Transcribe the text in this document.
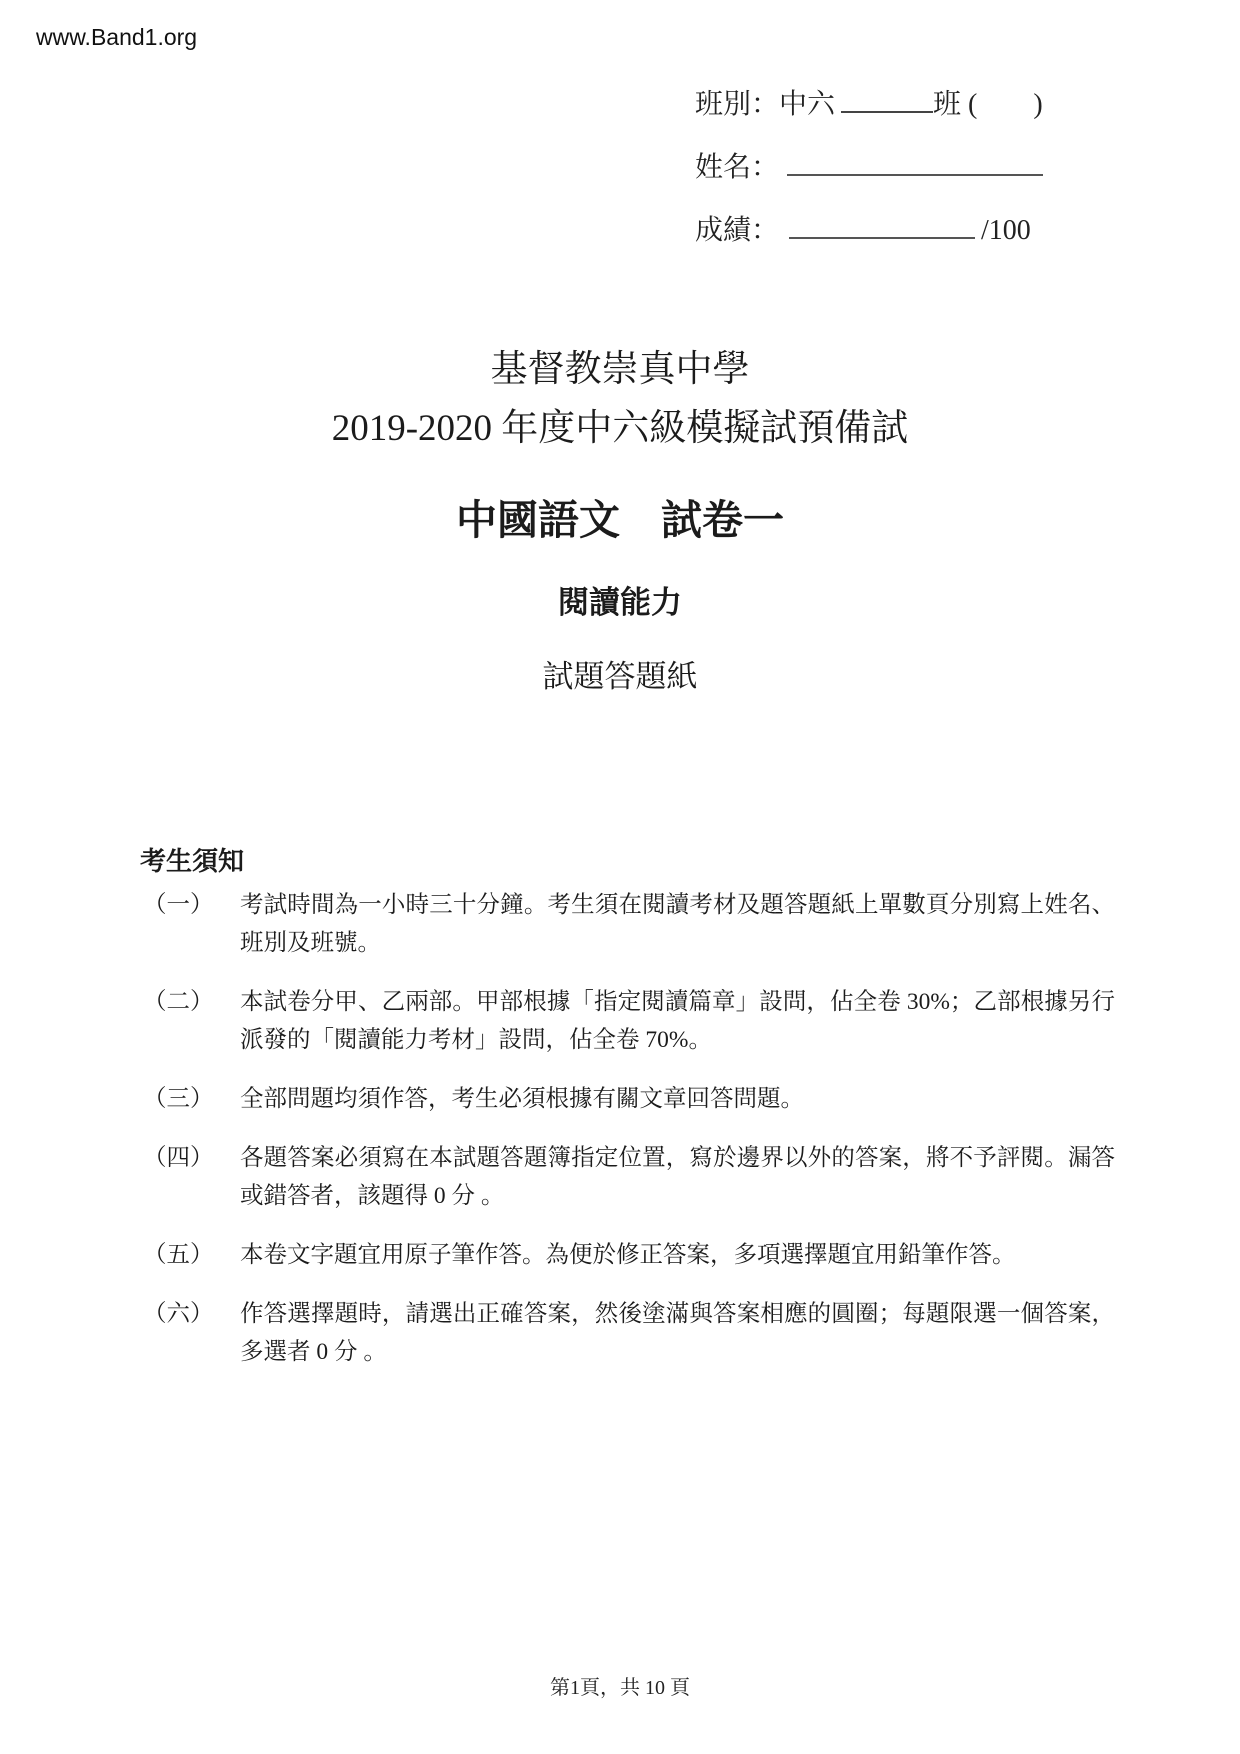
www.Band1.org
班別：中六	班 ( )
姓名：
成績：	/100
基督教崇真中學
2019-2020 年度中六級模擬試預備試
中國語文　試卷一
閱讀能力
試題答題紙
考生須知
（一） 考試時間為一小時三十分鐘。考生須在閱讀考材及題答題紙上單數頁分別寫上姓名、班別及班號。
（二） 本試卷分甲、乙兩部。甲部根據「指定閱讀篇章」設問，佔全卷 30%；乙部根據另行派發的「閱讀能力考材」設問，佔全卷 70%。
（三） 全部問題均須作答，考生必須根據有關文章回答問題。
（四） 各題答案必須寫在本試題答題簿指定位置，寫於邊界以外的答案，將不予評閱。漏答或錯答者，該題得 0 分 。
（五） 本卷文字題宜用原子筆作答。為便於修正答案，多項選擇題宜用鉛筆作答。
（六） 作答選擇題時，請選出正確答案，然後塗滿與答案相應的圓圈；每題限選一個答案，多選者 0 分 。
第1頁，共 10 頁
